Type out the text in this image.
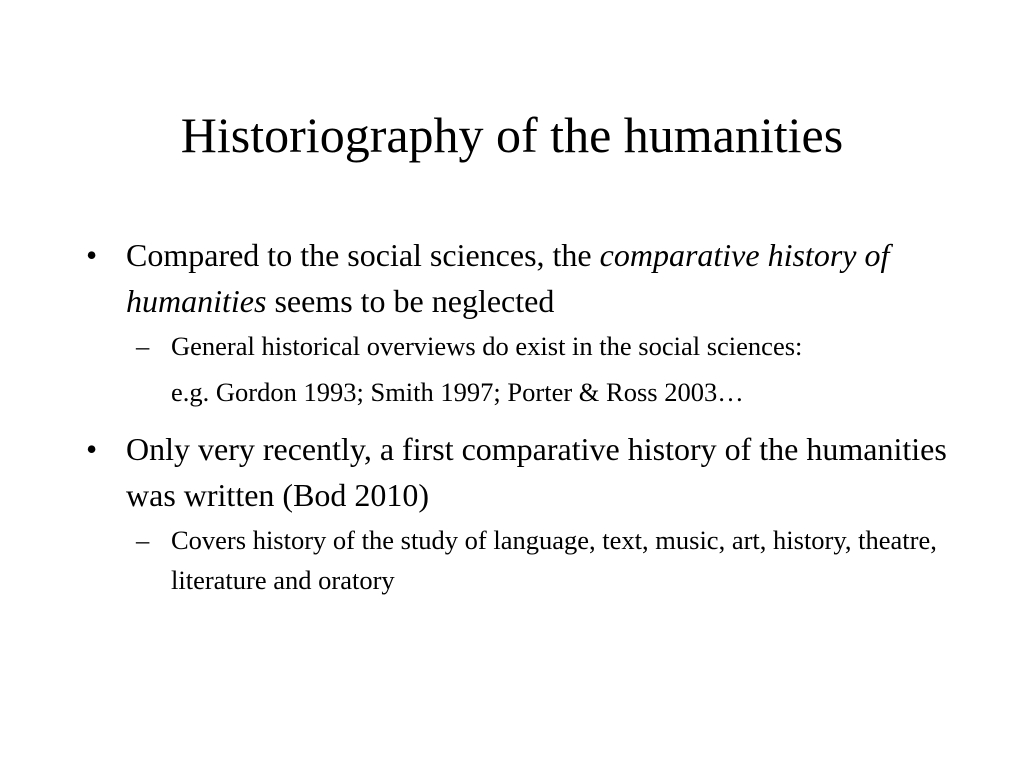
Historiography of the humanities
• Compared to the social sciences, the comparative history of humanities seems to be neglected
– General historical overviews do exist in the social sciences:
e.g. Gordon 1993; Smith 1997; Porter & Ross 2003…
• Only very recently, a first comparative history of the humanities was written (Bod 2010)
– Covers history of the study of language, text, music, art, history, theatre, literature and oratory
